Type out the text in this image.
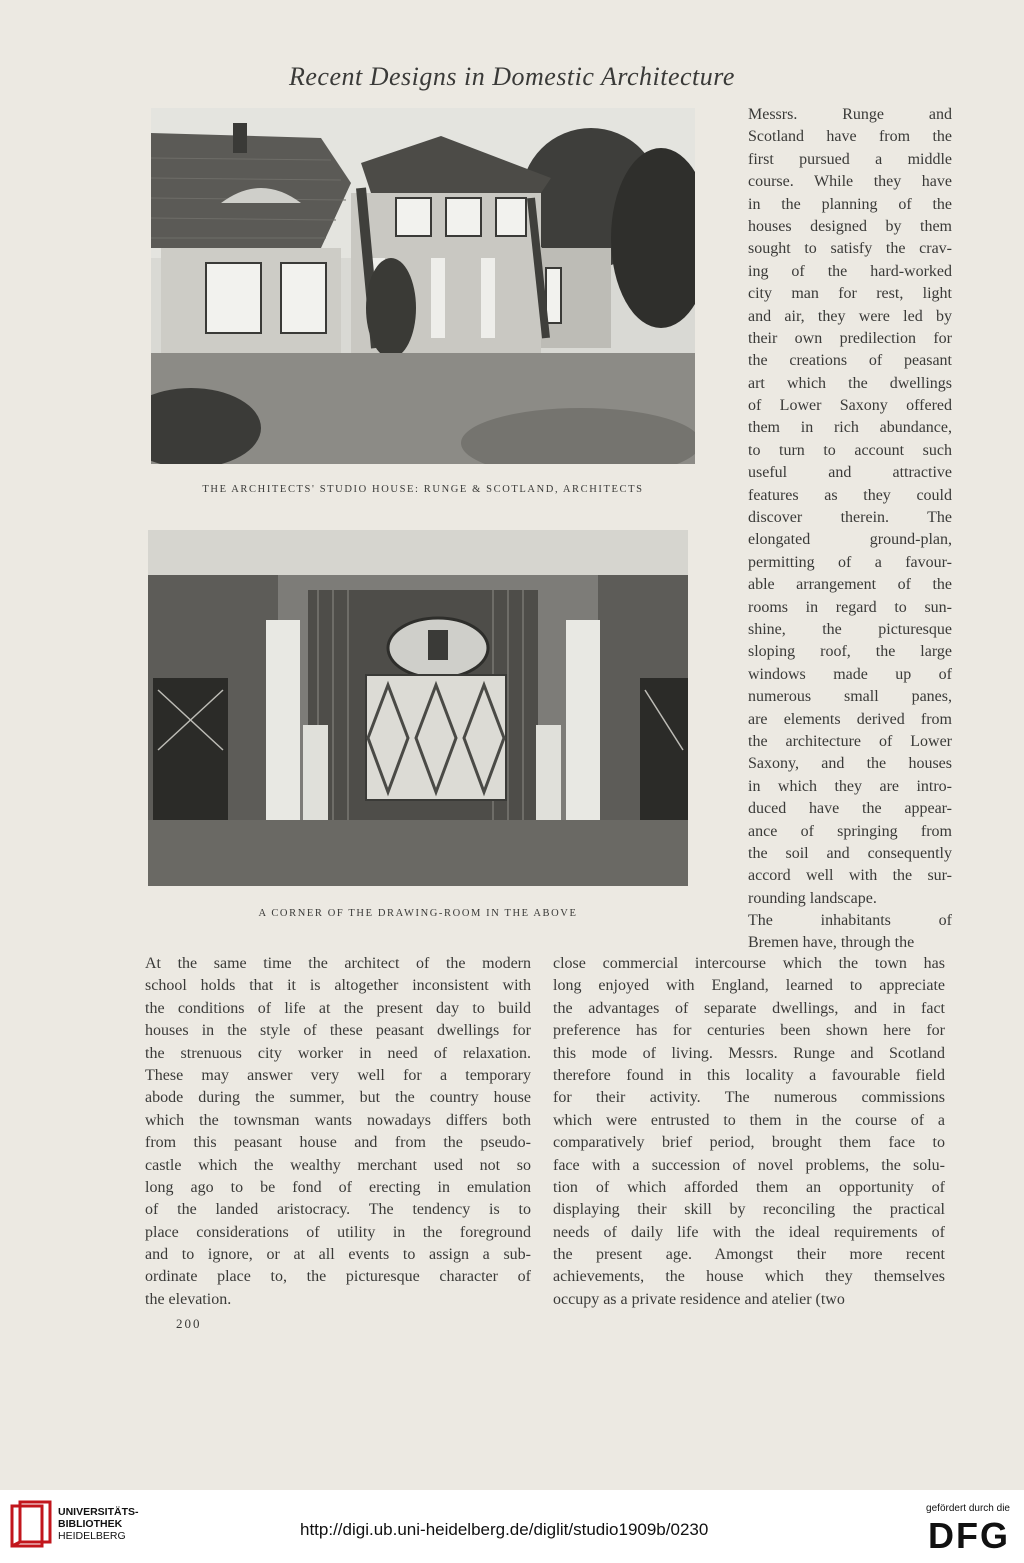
Recent Designs in Domestic Architecture
THE ARCHITECTS' STUDIO HOUSE: RUNGE & SCOTLAND, ARCHITECTS
A CORNER OF THE DRAWING-ROOM IN THE ABOVE
Messrs. Runge and
Scotland have from the
first pursued a middle
course. While they have
in the planning of the
houses designed by them
sought to satisfy the crav-
ing of the hard-worked
city man for rest, light
and air, they were led by
their own predilection for
the creations of peasant
art which the dwellings
of Lower Saxony offered
them in rich abundance,
to turn to account such
useful and attractive
features as they could
discover therein. The
elongated ground-plan,
permitting of a favour-
able arrangement of the
rooms in regard to sun-
shine, the picturesque
sloping roof, the large
windows made up of
numerous small panes,
are elements derived from
the architecture of Lower
Saxony, and the houses
in which they are intro-
duced have the appear-
ance of springing from
the soil and consequently
accord well with the sur-
rounding landscape.
The inhabitants of
Bremen have, through the
At the same time the architect of the modern
school holds that it is altogether inconsistent with
the conditions of life at the present day to build
houses in the style of these peasant dwellings for
the strenuous city worker in need of relaxation.
These may answer very well for a temporary
abode during the summer, but the country house
which the townsman wants nowadays differs both
from this peasant house and from the pseudo-
castle which the wealthy merchant used not so
long ago to be fond of erecting in emulation
of the landed aristocracy. The tendency is to
place considerations of utility in the foreground
and to ignore, or at all events to assign a sub-
ordinate place to, the picturesque character of
the elevation.
close commercial intercourse which the town has
long enjoyed with England, learned to appreciate
the advantages of separate dwellings, and in fact
preference has for centuries been shown here for
this mode of living. Messrs. Runge and Scotland
therefore found in this locality a favourable field
for their activity. The numerous commissions
which were entrusted to them in the course of a
comparatively brief period, brought them face to
face with a succession of novel problems, the solu-
tion of which afforded them an opportunity of
displaying their skill by reconciling the practical
needs of daily life with the ideal requirements of
the present age. Amongst their more recent
achievements, the house which they themselves
occupy as a private residence and atelier (two
200
UNIVERSITÄTS-
BIBLIOTHEK
HEIDELBERG	http://digi.ub.uni-heidelberg.de/diglit/studio1909b/0230
gefördert durch die
DFG
